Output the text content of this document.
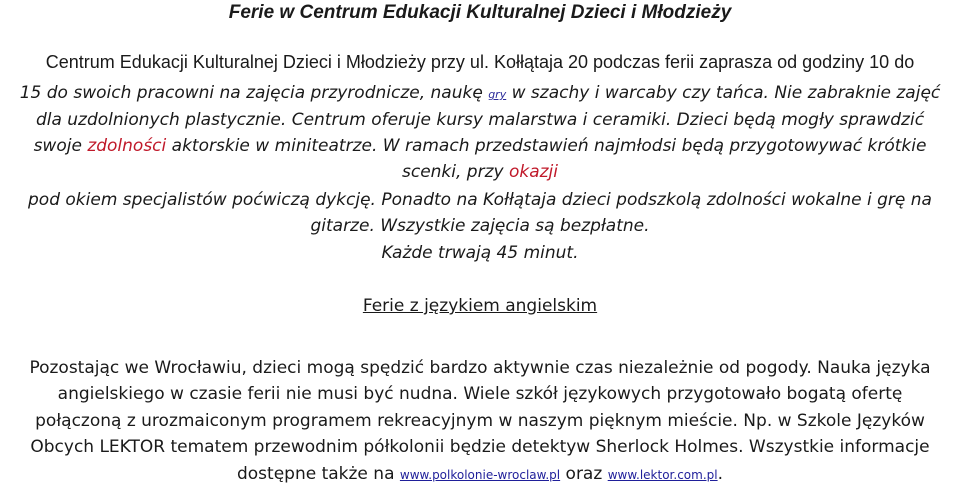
Ferie w Centrum Edukacji Kulturalnej Dzieci i Młodzieży
Centrum Edukacji Kulturalnej Dzieci i Młodzieży przy ul. Kołłątaja 20 podczas ferii zaprasza od godziny 10 do
15 do swoich pracowni na zajęcia przyrodnicze, naukę gry w szachy i warcaby czy tańca. Nie zabraknie zajęć
dla uzdolnionych plastycznie. Centrum oferuje kursy malarstwa i ceramiki. Dzieci będą mogły sprawdzić
swoje zdolności aktorskie w miniteatrze. W ramach przedstawień najmłodsi będą przygotowywać krótkie
scenki, przy okazji
pod okiem specjalistów poćwiczą dykcję. Ponadto na Kołłątaja dzieci podszkolą zdolności wokalne i grę na
gitarze. Wszystkie zajęcia są bezpłatne.
Każde trwają 45 minut.
Ferie z językiem angielskim
Pozostając we Wrocławiu, dzieci mogą spędzić bardzo aktywnie czas niezależnie od pogody. Nauka języka
angielskiego w czasie ferii nie musi być nudna. Wiele szkół językowych przygotowało bogatą ofertę
połączoną z urozmaiconym programem rekreacyjnym w naszym pięknym mieście. Np. w Szkole Języków
Obcych LEKTOR tematem przewodnim półkolonii będzie detektyw Sherlock Holmes. Wszystkie informacje
dostępne także na www.polkolonie-wroclaw.pl oraz www.lektor.com.pl.
